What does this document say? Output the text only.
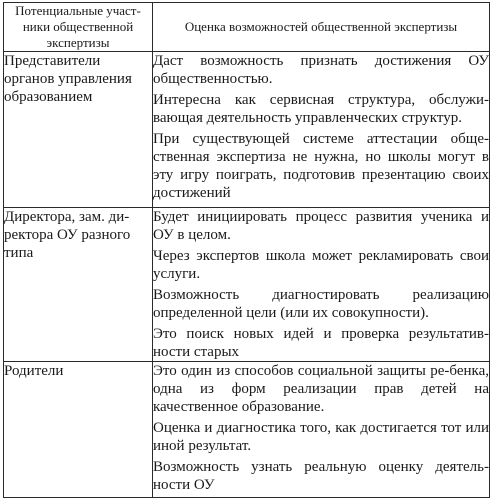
Потенциальные участ-
ники общественной
экспертизы	Оценка возможностей общественной экспертизы

Представители органов управления образованием	Даст возможность признать достижения ОУ общественностью.
Интересна как сервисная структура, обслужи-вающая деятельность управленческих структур.
При существующей системе аттестации обще-ственная экспертиза не нужна, но школы могут в эту игру поиграть, подготовив презентацию своих достижений

Директора, зам. ди-ректора ОУ разного типа	Будет инициировать процесс развития ученика и ОУ в целом.
Через экспертов школа может рекламировать свои услуги.
Возможность диагностировать реализацию определенной цели (или их совокупности).
Это поиск новых идей и проверка результатив-ности старых

Родители	Это один из способов социальной защиты ре-бенка, одна из форм реализации прав детей на качественное образование.
Оценка и диагностика того, как достигается тот или иной результат.
Возможность узнать реальную оценку деятель-ности ОУ
